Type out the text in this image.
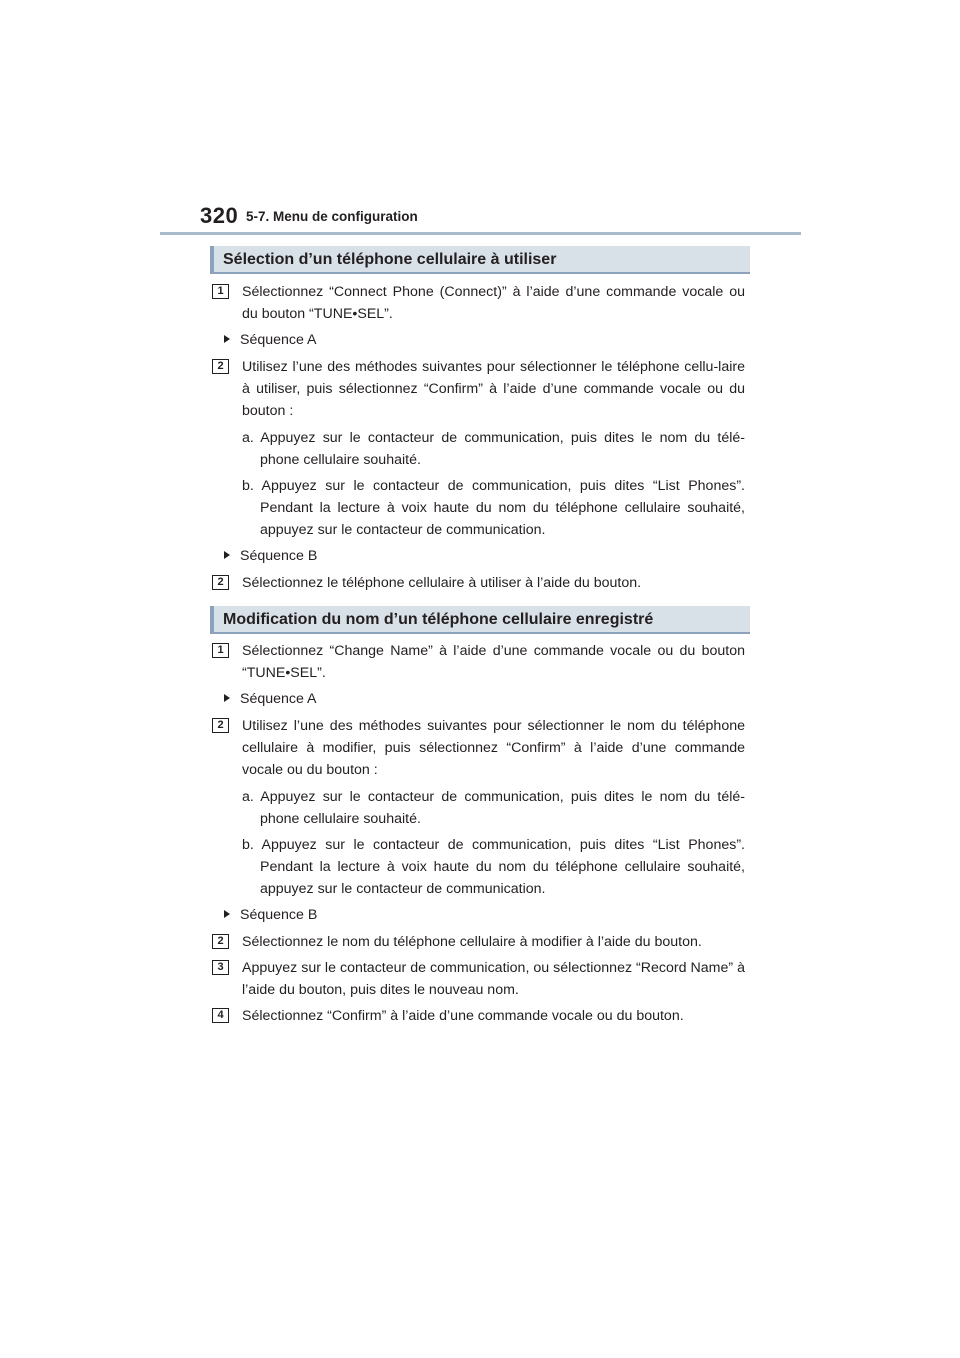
320 5-7. Menu de configuration
Sélection d’un téléphone cellulaire à utiliser
1	Sélectionnez “Connect Phone (Connect)” à l’aide d’une commande vocale ou du bouton “TUNE•SEL”.
Séquence A
2	Utilisez l’une des méthodes suivantes pour sélectionner le téléphone cellu-laire à utiliser, puis sélectionnez “Confirm” à l’aide d’une commande vocale ou du bouton :
a. Appuyez sur le contacteur de communication, puis dites le nom du télé-phone cellulaire souhaité.
b. Appuyez sur le contacteur de communication, puis dites “List Phones”. Pendant la lecture à voix haute du nom du téléphone cellulaire souhaité, appuyez sur le contacteur de communication.
Séquence B
2	Sélectionnez le téléphone cellulaire à utiliser à l’aide du bouton.
Modification du nom d’un téléphone cellulaire enregistré
1	Sélectionnez “Change Name” à l’aide d’une commande vocale ou du bouton “TUNE•SEL”.
Séquence A
2	Utilisez l’une des méthodes suivantes pour sélectionner le nom du téléphone cellulaire à modifier, puis sélectionnez “Confirm” à l’aide d’une commande vocale ou du bouton :
a. Appuyez sur le contacteur de communication, puis dites le nom du télé-phone cellulaire souhaité.
b. Appuyez sur le contacteur de communication, puis dites “List Phones”. Pendant la lecture à voix haute du nom du téléphone cellulaire souhaité, appuyez sur le contacteur de communication.
Séquence B
2	Sélectionnez le nom du téléphone cellulaire à modifier à l’aide du bouton.
3	Appuyez sur le contacteur de communication, ou sélectionnez “Record Name” à l’aide du bouton, puis dites le nouveau nom.
4	Sélectionnez “Confirm” à l’aide d’une commande vocale ou du bouton.
